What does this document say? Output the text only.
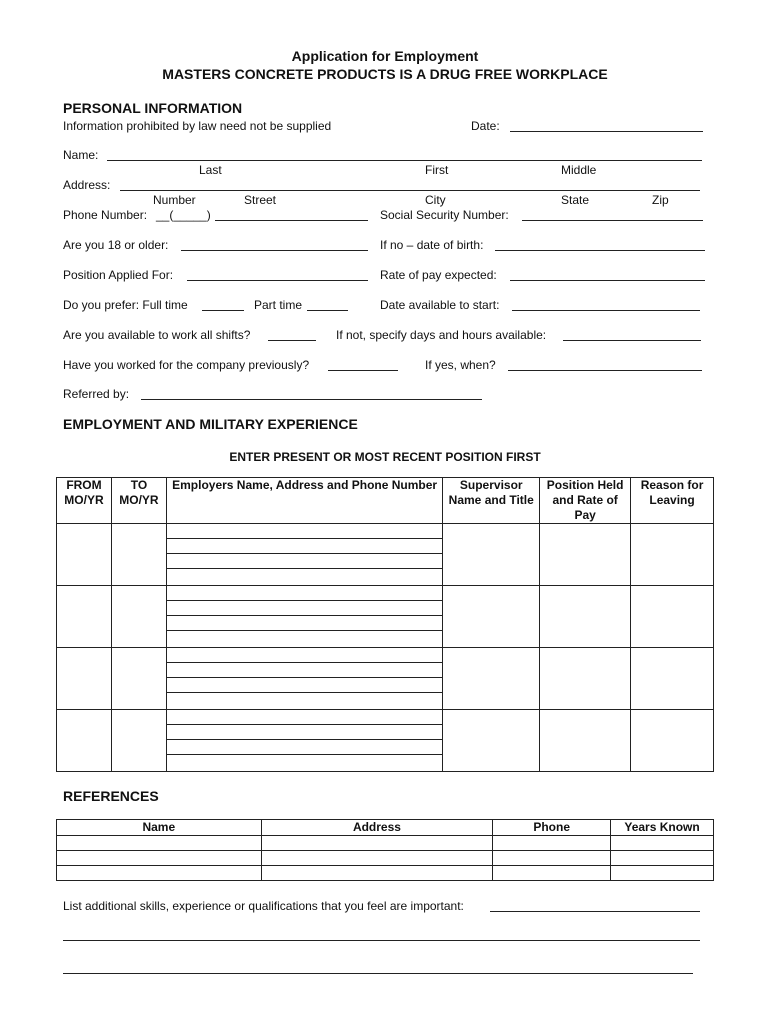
Application for Employment
MASTERS CONCRETE PRODUCTS IS A DRUG FREE WORKPLACE
PERSONAL INFORMATION
Information prohibited by law need not be supplied	Date:
Name:
Last	First	Middle
Address:
Number	Street	City	State	Zip
Phone Number: __(_____)	Social Security Number:
Are you 18 or older:	If no – date of birth:
Position Applied For:	Rate of pay expected:
Do you prefer: Full time	Part time	Date available to start:
Are you available to work all shifts?	If not, specify days and hours available:
Have you worked for the company previously?	If yes, when?
Referred by:
EMPLOYMENT AND MILITARY EXPERIENCE
ENTER PRESENT OR MOST RECENT POSITION FIRST
FROM MO/YR	TO MO/YR	Employers Name, Address and Phone Number	Supervisor Name and Title	Position Held and Rate of Pay	Reason for Leaving

REFERENCES
Name	Address	Phone	Years Known

List additional skills, experience or qualifications that you feel are important:
